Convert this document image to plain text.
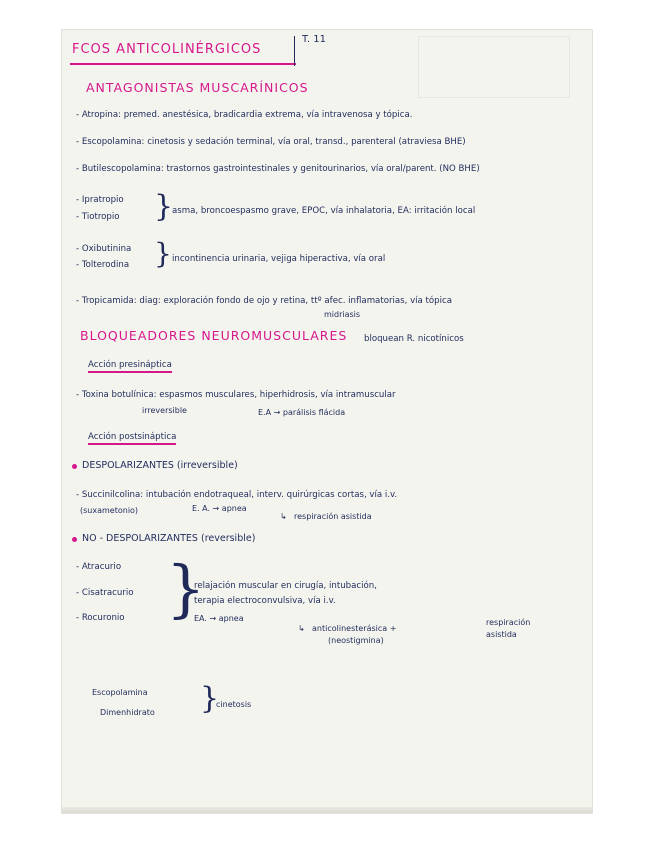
FCOS ANTICOLINÉRGICOS
T. 11
ANTAGONISTAS MUSCARÍNICOS
- Atropina: premed. anestésica, bradicardia extrema, vía intravenosa y tópica.
- Escopolamina: cinetosis y sedación terminal, vía oral, transd., parenteral (atraviesa BHE)
- Butilescopolamina: trastornos gastrointestinales y genitourinarios, vía oral/parent. (NO BHE)
- Ipratropio
- Tiotropio }
asma, broncoespasmo grave, EPOC, vía inhalatoria, EA: irritación local
- Oxibutinina
- Tolterodina } incontinencia urinaria, vejiga hiperactiva, vía oral
- Tropicamida: diag: exploración fondo de ojo y retina, ttº afec. inflamatorias, vía tópica
midriasis
BLOQUEADORES NEUROMUSCULARES bloquean R. nicotínicos
Acción presináptica
- Toxina botulínica: espasmos musculares, hiperhidrosis, vía intramuscular
irreversible	E.A → parálisis flácida
Acción postsináptica
DESPOLARIZANTES (irreversible)
- Succinilcolina: intubación endotraqueal, interv. quirúrgicas cortas, vía i.v.
(suxametonio)	E. A. → apnea
↳ respiración asistida
NO - DESPOLARIZANTES (reversible)
- Atracurio
- Cisatracurio
- Rocuronio }
relajación muscular en cirugía, intubación,
terapia electroconvulsiva, vía i.v.
EA. → apnea
↳ anticolinesterásica +
(neostigmina)
respiración
asistida
Escopolamina
Dimenhidrato }
cinetosis
